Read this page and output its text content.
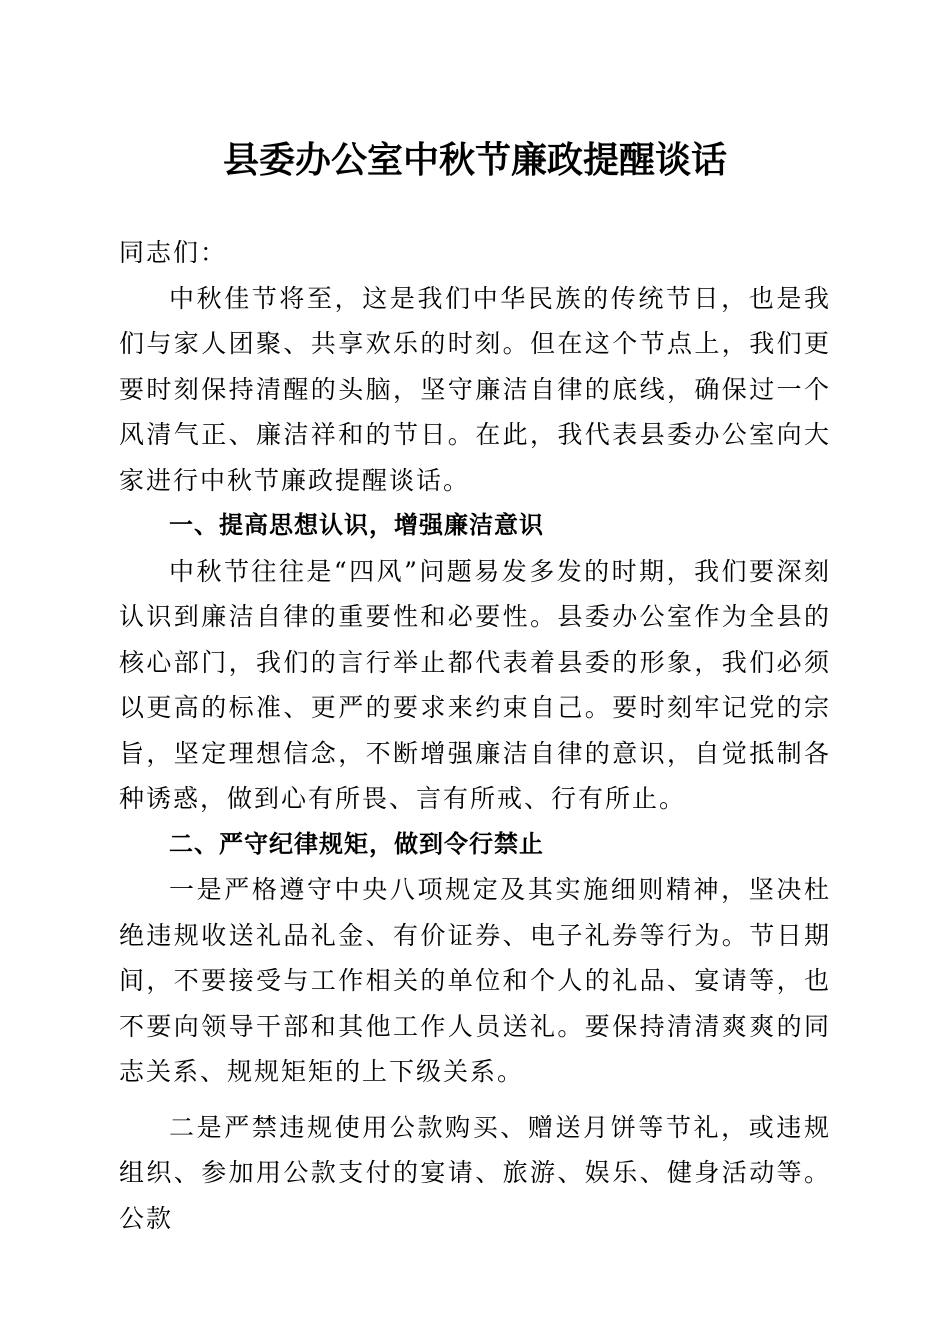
县委办公室中秋节廉政提醒谈话

同志们：

中秋佳节将至，这是我们中华民族的传统节日，也是我们与家人团聚、共享欢乐的时刻。但在这个节点上，我们更要时刻保持清醒的头脑，坚守廉洁自律的底线，确保过一个风清气正、廉洁祥和的节日。在此，我代表县委办公室向大家进行中秋节廉政提醒谈话。

一、提高思想认识，增强廉洁意识

中秋节往往是“四风”问题易发多发的时期，我们要深刻认识到廉洁自律的重要性和必要性。县委办公室作为全县的核心部门，我们的言行举止都代表着县委的形象，我们必须以更高的标准、更严的要求来约束自己。要时刻牢记党的宗旨，坚定理想信念，不断增强廉洁自律的意识，自觉抵制各种诱惑，做到心有所畏、言有所戒、行有所止。

二、严守纪律规矩，做到令行禁止

一是严格遵守中央八项规定及其实施细则精神，坚决杜绝违规收送礼品礼金、有价证券、电子礼券等行为。节日期间，不要接受与工作相关的单位和个人的礼品、宴请等，也不要向领导干部和其他工作人员送礼。要保持清清爽爽的同志关系、规规矩矩的上下级关系。

二是严禁违规使用公款购买、赠送月饼等节礼，或违规组织、参加用公款支付的宴请、旅游、娱乐、健身活动等。公款
